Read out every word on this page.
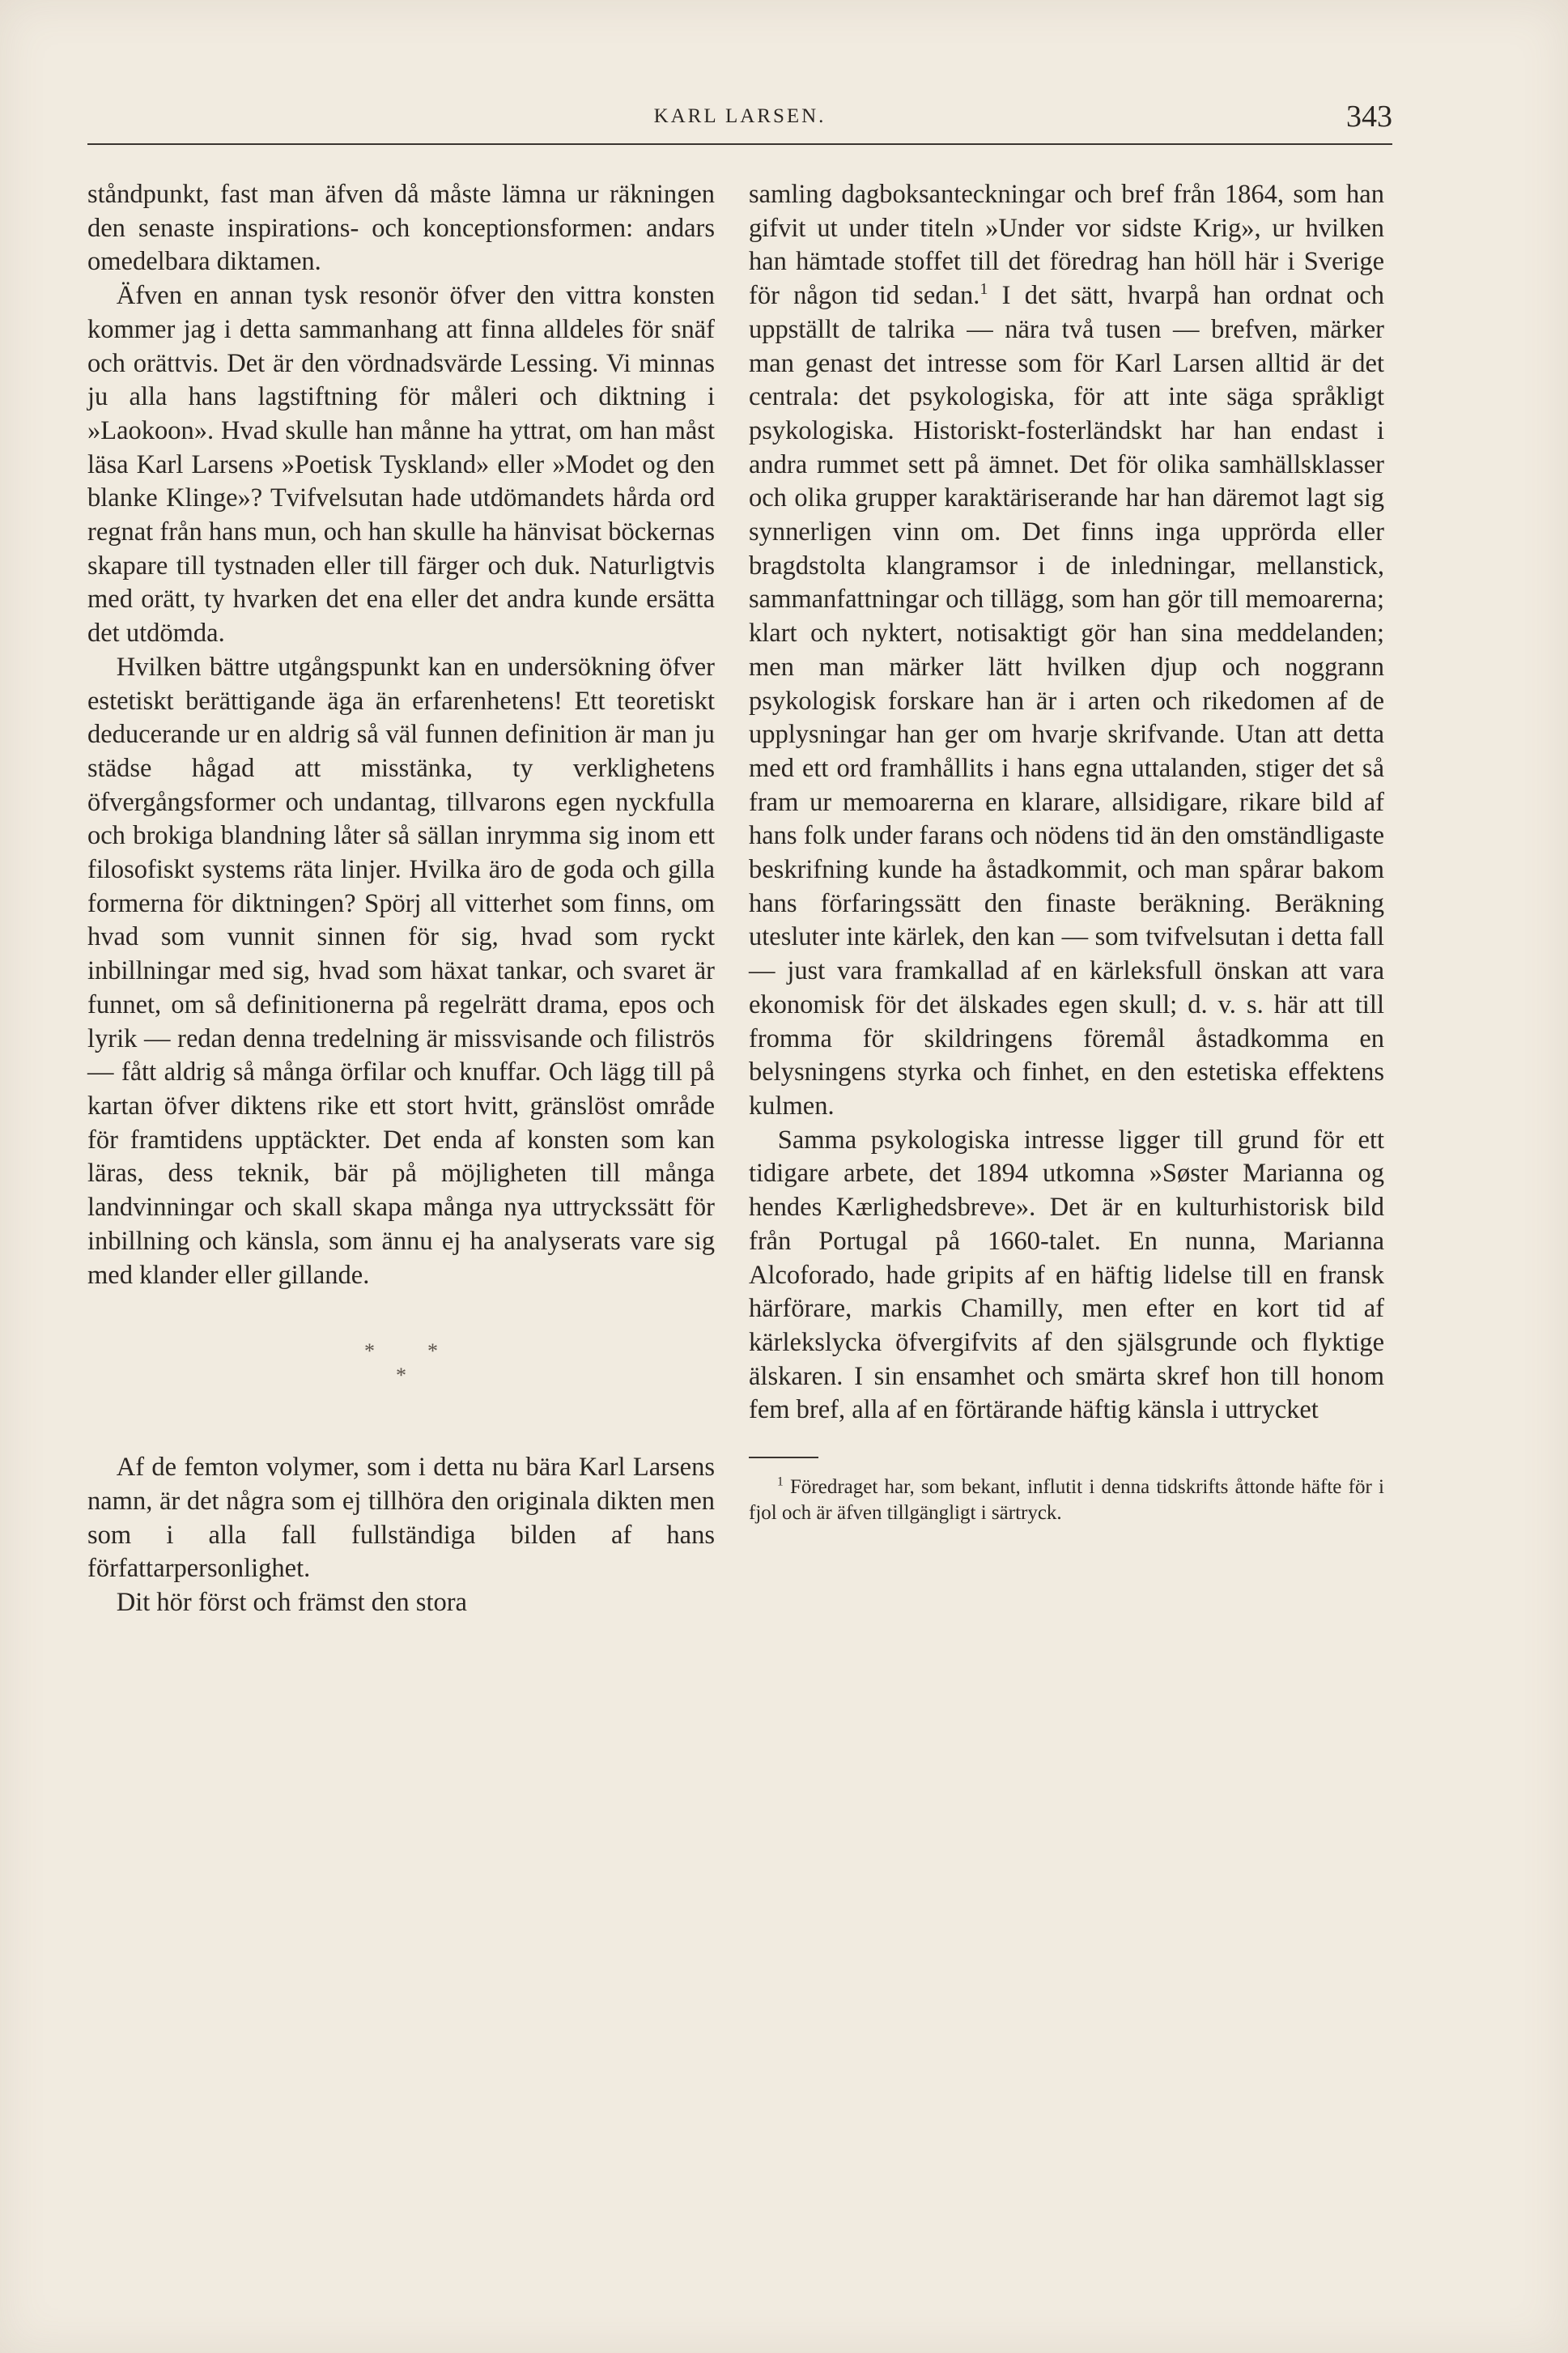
KARL LARSEN.	343

ståndpunkt, fast man äfven då måste lämna ur räkningen den senaste inspirations- och konceptionsformen: andars omedelbara diktamen.

Äfven en annan tysk resonör öfver den vittra konsten kommer jag i detta sammanhang att finna alldeles för snäf och orättvis. Det är den vördnadsvärde Lessing. Vi minnas ju alla hans lagstiftning för måleri och diktning i »Laokoon». Hvad skulle han månne ha yttrat, om han måst läsa Karl Larsens »Poetisk Tyskland» eller »Modet og den blanke Klinge»? Tvifvelsutan hade utdömandets hårda ord regnat från hans mun, och han skulle ha hänvisat böckernas skapare till tystnaden eller till färger och duk. Naturligtvis med orätt, ty hvarken det ena eller det andra kunde ersätta det utdömda.

Hvilken bättre utgångspunkt kan en undersökning öfver estetiskt berättigande äga än erfarenhetens! Ett teoretiskt deducerande ur en aldrig så väl funnen definition är man ju städse hågad att misstänka, ty verklighetens öfvergångsformer och undantag, tillvarons egen nyckfulla och brokiga blandning låter så sällan inrymma sig inom ett filosofiskt systems räta linjer. Hvilka äro de goda och gilla formerna för diktningen? Spörj all vitterhet som finns, om hvad som vunnit sinnen för sig, hvad som ryckt inbillningar med sig, hvad som häxat tankar, och svaret är funnet, om så definitionerna på regelrätt drama, epos och lyrik — redan denna tredelning är missvisande och filiströs — fått aldrig så många örfilar och knuffar. Och lägg till på kartan öfver diktens rike ett stort hvitt, gränslöst område för framtidens upptäckter. Det enda af konsten som kan läras, dess teknik, bär på möjligheten till många landvinningar och skall skapa många nya uttryckssätt för inbillning och känsla, som ännu ej ha analyserats vare sig med klander eller gillande.

*          *
*

Af de femton volymer, som i detta nu bära Karl Larsens namn, är det några som ej tillhöra den originala dikten men som i alla fall fullständiga bilden af hans författarpersonlighet.

Dit hör först och främst den stora

samling dagboksanteckningar och bref från 1864, som han gifvit ut under titeln »Under vor sidste Krig», ur hvilken han hämtade stoffet till det föredrag han höll här i Sverige för någon tid sedan.$^1$ I det sätt, hvarpå han ordnat och uppställt de talrika — nära två tusen — brefven, märker man genast det intresse som för Karl Larsen alltid är det centrala: det psykologiska, för att inte säga språkligt psykologiska. Historiskt-fosterländskt har han endast i andra rummet sett på ämnet. Det för olika samhällsklasser och olika grupper karaktäriserande har han däremot lagt sig synnerligen vinn om. Det finns inga upprörda eller bragdstolta klangramsor i de inledningar, mellanstick, sammanfattningar och tillägg, som han gör till memoarerna; klart och nyktert, notisaktigt gör han sina meddelanden; men man märker lätt hvilken djup och noggrann psykologisk forskare han är i arten och rikedomen af de upplysningar han ger om hvarje skrifvande. Utan att detta med ett ord framhållits i hans egna uttalanden, stiger det så fram ur memoarerna en klarare, allsidigare, rikare bild af hans folk under farans och nödens tid än den omständligaste beskrifning kunde ha åstadkommit, och man spårar bakom hans förfaringssätt den finaste beräkning. Beräkning utesluter inte kärlek, den kan — som tvifvelsutan i detta fall — just vara framkallad af en kärleksfull önskan att vara ekonomisk för det älskades egen skull; d. v. s. här att till fromma för skildringens föremål åstadkomma en belysningens styrka och finhet, en den estetiska effektens kulmen.

Samma psykologiska intresse ligger till grund för ett tidigare arbete, det 1894 utkomna »Søster Marianna og hendes Kærlighedsbreve». Det är en kulturhistorisk bild från Portugal på 1660-talet. En nunna, Marianna Alcoforado, hade gripits af en häftig lidelse till en fransk härförare, markis Chamilly, men efter en kort tid af kärlekslycka öfvergifvits af den själsgrunde och flyktige älskaren. I sin ensamhet och smärta skref hon till honom fem bref, alla af en förtärande häftig känsla i uttrycket

$^1$ Föredraget har, som bekant, influtit i denna tidskrifts åttonde häfte för i fjol och är äfven tillgängligt i särtryck.
